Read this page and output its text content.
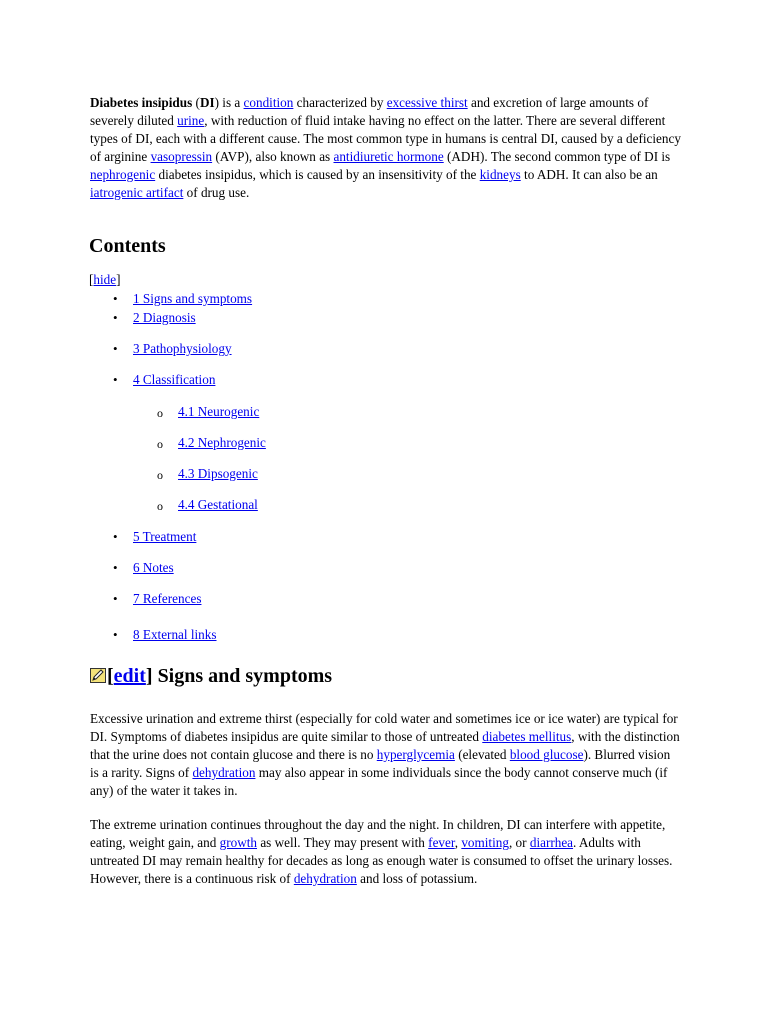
Diabetes insipidus (DI) is a condition characterized by excessive thirst and excretion of large amounts of severely diluted urine, with reduction of fluid intake having no effect on the latter. There are several different types of DI, each with a different cause. The most common type in humans is central DI, caused by a deficiency of arginine vasopressin (AVP), also known as antidiuretic hormone (ADH). The second common type of DI is nephrogenic diabetes insipidus, which is caused by an insensitivity of the kidneys to ADH. It can also be an iatrogenic artifact of drug use.

Contents
[hide]
• 1 Signs and symptoms
• 2 Diagnosis
• 3 Pathophysiology
• 4 Classification
o 4.1 Neurogenic
o 4.2 Nephrogenic
o 4.3 Dipsogenic
o 4.4 Gestational
• 5 Treatment
• 6 Notes
• 7 References
• 8 External links
[edit] Signs and symptoms

Excessive urination and extreme thirst (especially for cold water and sometimes ice or ice water) are typical for DI. Symptoms of diabetes insipidus are quite similar to those of untreated diabetes mellitus, with the distinction that the urine does not contain glucose and there is no hyperglycemia (elevated blood glucose). Blurred vision is a rarity. Signs of dehydration may also appear in some individuals since the body cannot conserve much (if any) of the water it takes in.

The extreme urination continues throughout the day and the night. In children, DI can interfere with appetite, eating, weight gain, and growth as well. They may present with fever, vomiting, or diarrhea. Adults with untreated DI may remain healthy for decades as long as enough water is consumed to offset the urinary losses. However, there is a continuous risk of dehydration and loss of potassium.
